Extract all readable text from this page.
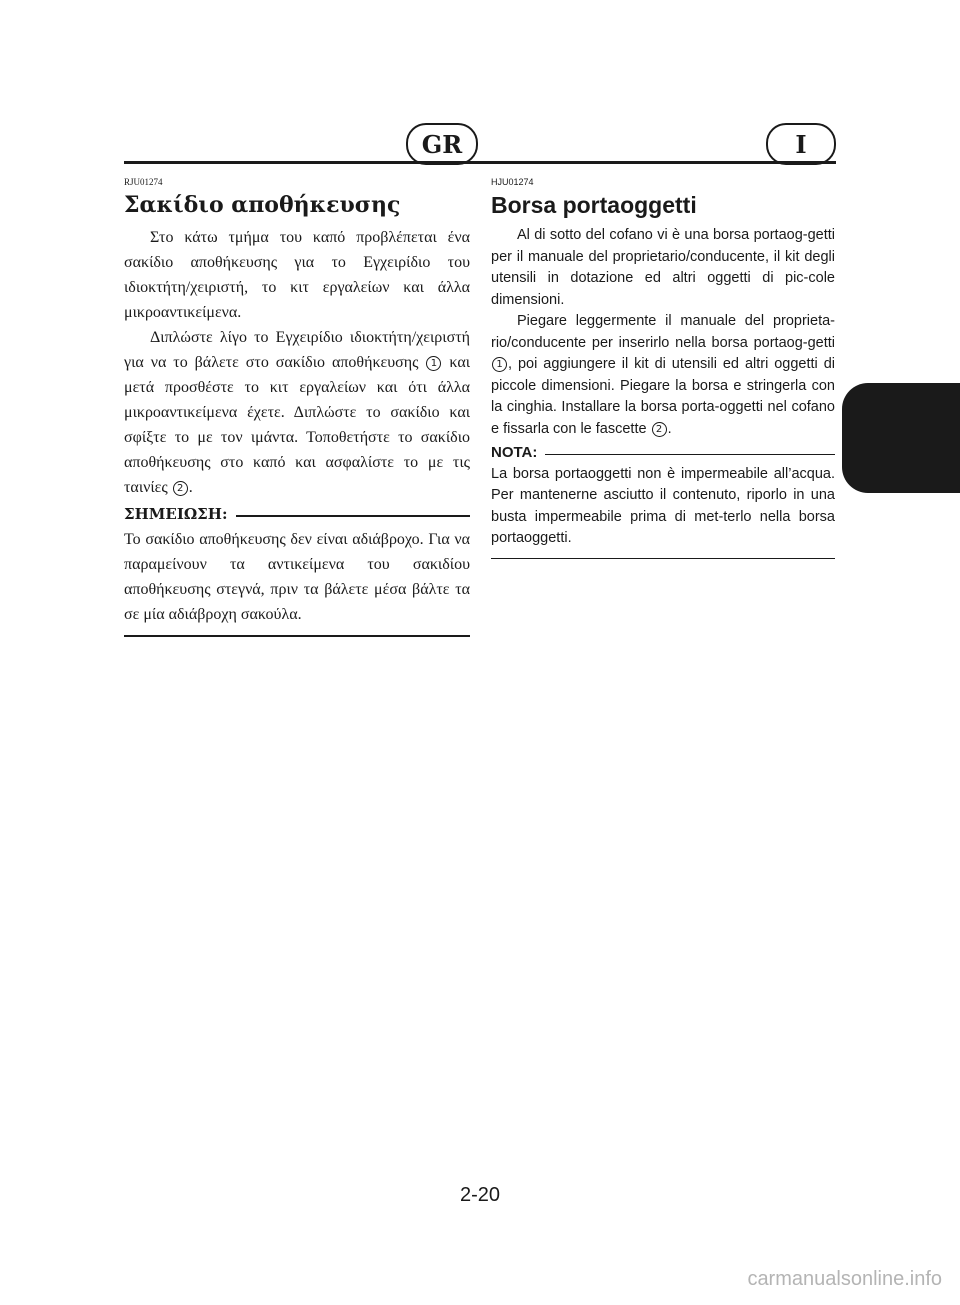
GR	I
RJU01274
Σακίδιο αποθήκευσης

Στο κάτω τμήμα του καπό προβλέπεται ένα σακίδιο αποθήκευσης για το Εγχειρίδιο του ιδιοκτήτη/χειριστή, το κιτ εργαλείων και άλλα μικροαντικείμενα.

Διπλώστε λίγο το Εγχειρίδιο ιδιοκτήτη/χειριστή για να το βάλετε στο σακίδιο αποθήκευσης 1 και μετά προσθέστε το κιτ εργαλείων και ότι άλλα μικροαντικείμενα έχετε. Διπλώστε το σακίδιο και σφίξτε το με τον ιμάντα. Τοποθετήστε το σακίδιο αποθήκευσης στο καπό και ασφαλίστε το με τις ταινίες 2 .

ΣΗΜΕΙΩΣΗ:

Το σακίδιο αποθήκευσης δεν είναι αδιάβροχο. Για να παραμείνουν τα αντικείμενα του σακιδίου αποθήκευσης στεγνά, πριν τα βάλετε μέσα βάλτε τα σε μία αδιάβροχη σακούλα.

HJU01274
Borsa portaoggetti

Al di sotto del cofano vi è una borsa portaog-getti per il manuale del proprietario/conducente, il kit degli utensili in dotazione ed altri oggetti di pic-cole dimensioni.

Piegare leggermente il manuale del proprieta-rio/conducente per inserirlo nella borsa portaog-getti 1 , poi aggiungere il kit di utensili ed altri oggetti di piccole dimensioni. Piegare la borsa e stringerla con la cinghia. Installare la borsa porta-oggetti nel cofano e fissarla con le fascette 2 .

NOTA:

La borsa portaoggetti non è impermeabile all’acqua. Per mantenerne asciutto il contenuto, riporlo in una busta impermeabile prima di met-terlo nella borsa portaoggetti.

2-20
carmanualsonline.info
